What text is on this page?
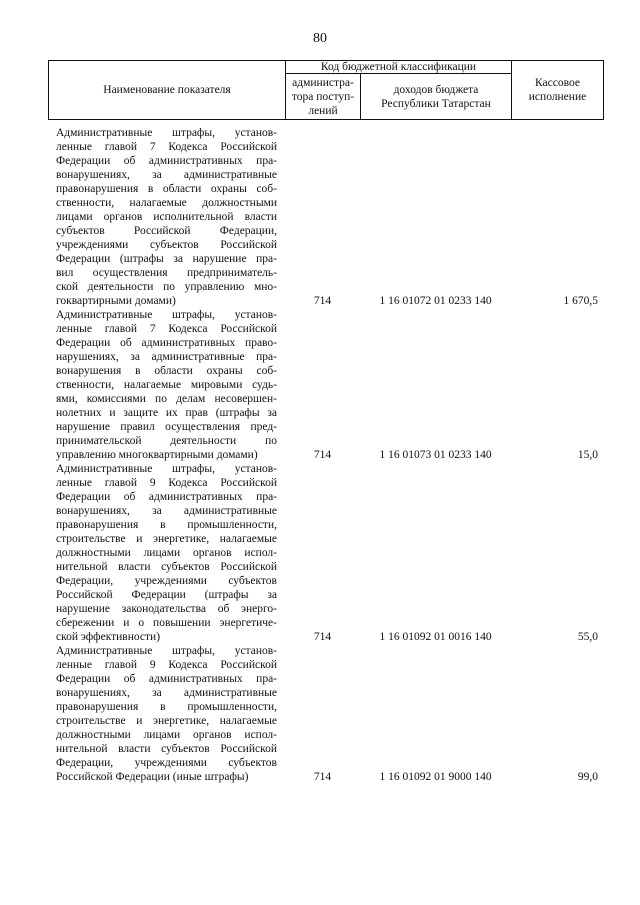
80
Наименование показателя
Код бюджетной классификации
администра-
тора поступ-
лений
доходов бюджета
Республики Татарстан
Кассовое
исполнение
Административные штрафы, установ-
ленные главой 7 Кодекса Российской
Федерации об административных пра-
вонарушениях, за административные
правонарушения в области охраны соб-
ственности, налагаемые должностными
лицами органов исполнительной власти
субъектов Российской Федерации,
учреждениями субъектов Российской
Федерации (штрафы за нарушение пра-
вил осуществления предприниматель-
ской деятельности по управлению мно-
гоквартирными домами)	714	1 16 01072 01 0233 140	1 670,5
Административные штрафы, установ-
ленные главой 7 Кодекса Российской
Федерации об административных право-
нарушениях, за административные пра-
вонарушения в области охраны соб-
ственности, налагаемые мировыми судь-
ями, комиссиями по делам несовершен-
нолетних и защите их прав (штрафы за
нарушение правил осуществления пред-
принимательской деятельности по
управлению многоквартирными домами)	714	1 16 01073 01 0233 140	15,0
Административные штрафы, установ-
ленные главой 9 Кодекса Российской
Федерации об административных пра-
вонарушениях, за административные
правонарушения в промышленности,
строительстве и энергетике, налагаемые
должностными лицами органов испол-
нительной власти субъектов Российской
Федерации, учреждениями субъектов
Российской Федерации (штрафы за
нарушение законодательства об энерго-
сбережении и о повышении энергетиче-
ской эффективности)	714	1 16 01092 01 0016 140	55,0
Административные штрафы, установ-
ленные главой 9 Кодекса Российской
Федерации об административных пра-
вонарушениях, за административные
правонарушения в промышленности,
строительстве и энергетике, налагаемые
должностными лицами органов испол-
нительной власти субъектов Российской
Федерации, учреждениями субъектов
Российской Федерации (иные штрафы)	714	1 16 01092 01 9000 140	99,0
